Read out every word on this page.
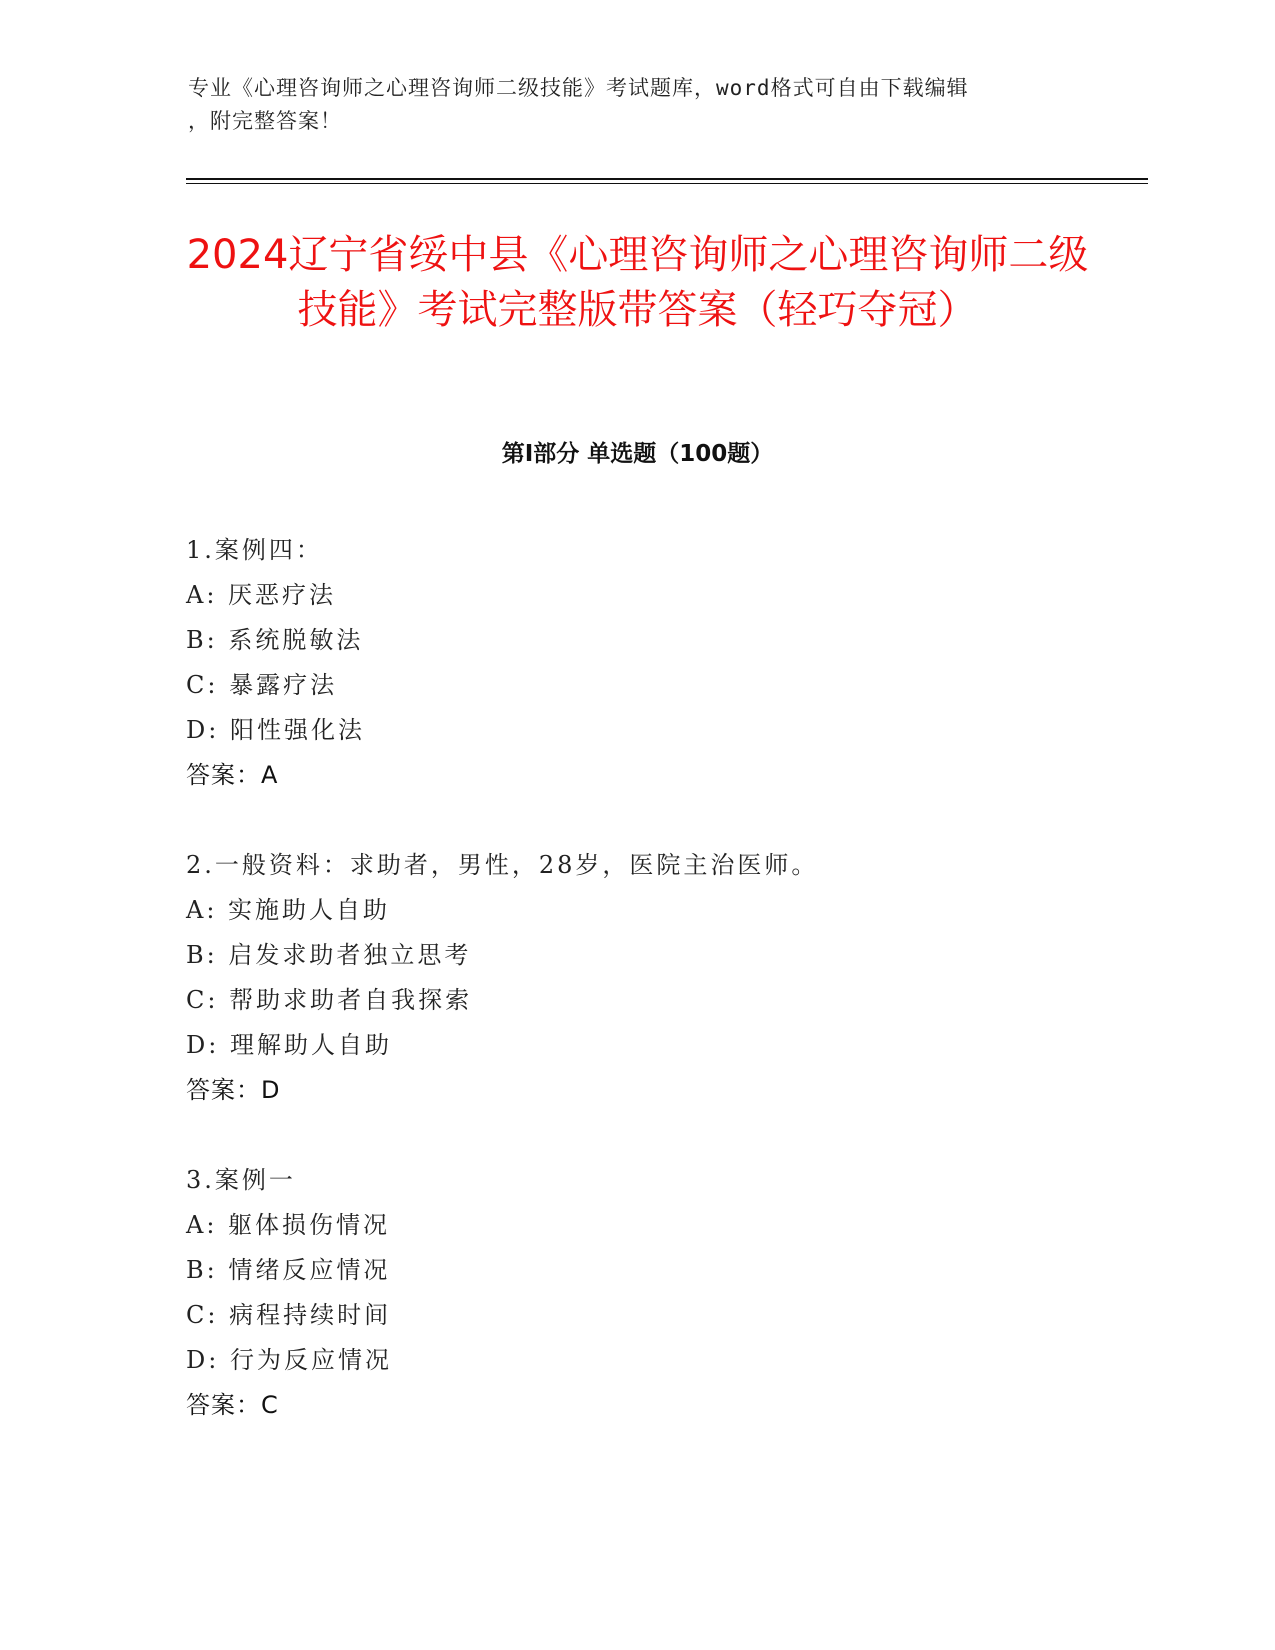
专业《心理咨询师之心理咨询师二级技能》考试题库，word格式可自由下载编辑
，附完整答案！
2024辽宁省绥中县《心理咨询师之心理咨询师二级技能》考试完整版带答案（轻巧夺冠）
第I部分 单选题（100题）
1.案例四：
A: 厌恶疗法
B: 系统脱敏法
C: 暴露疗法
D: 阳性强化法
答案：A
2.一般资料：求助者，男性，28岁，医院主治医师。
A: 实施助人自助
B: 启发求助者独立思考
C: 帮助求助者自我探索
D: 理解助人自助
答案：D
3.案例一
A: 躯体损伤情况
B: 情绪反应情况
C: 病程持续时间
D: 行为反应情况
答案：C
